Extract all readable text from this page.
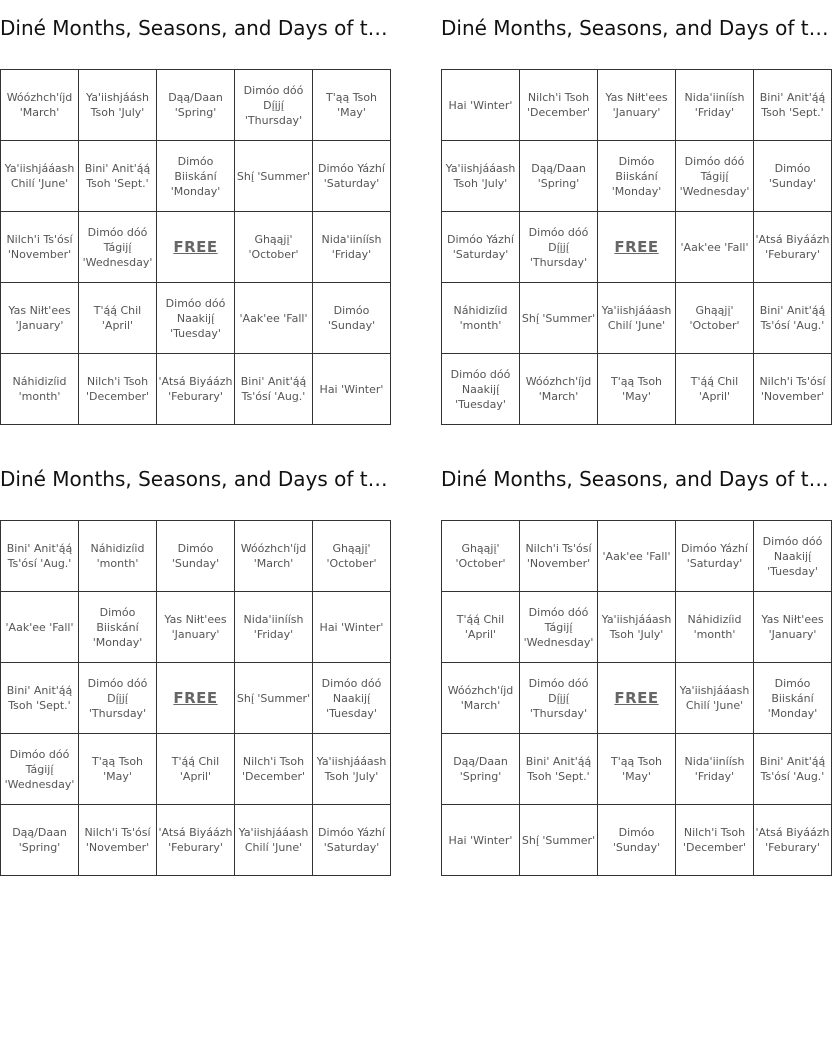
Diné Months, Seasons, and Days of t…
Wóózhch'íjd 'March'	Ya'iishjáásh Tsoh 'July'	Dąą/Daan 'Spring'	Dimóo dóó Dį́įjį́ 'Thursday'	T'ąą Tsoh 'May'
Ya'iishjááash Chilí 'June'	Bini' Anit'ą́ą́ Tsoh 'Sept.'	Dimóo Biiskání 'Monday'	Shį́ 'Summer'	Dimóo Yázhí 'Saturday'
Nilch'i Ts'ósí 'November'	Dimóo dóó Tágijį́ 'Wednesday'	FREE	Ghąąjį' 'October'	Nida'iiníísh 'Friday'
Yas Niłt'ees 'January'	T'ą́ą́ Chil 'April'	Dimóo dóó Naakijį́ 'Tuesday'	'Aak'ee 'Fall'	Dimóo 'Sunday'
Náhidizíid 'month'	Nilch'i Tsoh 'December'	'Atsá Biyáázh 'Feburary'	Bini' Anit'ą́ą́ Ts'ósí 'Aug.'	Hai 'Winter'
Diné Months, Seasons, and Days of t…
Hai 'Winter'	Nilch'i Tsoh 'December'	Yas Niłt'ees 'January'	Nida'iiníísh 'Friday'	Bini' Anit'ą́ą́ Tsoh 'Sept.'
Ya'iishjááash Tsoh 'July'	Dąą/Daan 'Spring'	Dimóo Biiskání 'Monday'	Dimóo dóó Tágijį́ 'Wednesday'	Dimóo 'Sunday'
Dimóo Yázhí 'Saturday'	Dimóo dóó Dį́įjį́ 'Thursday'	FREE	'Aak'ee 'Fall'	'Atsá Biyáázh 'Feburary'
Náhidizíid 'month'	Shį́ 'Summer'	Ya'iishjááash Chilí 'June'	Ghąąjį' 'October'	Bini' Anit'ą́ą́ Ts'ósí 'Aug.'
Dimóo dóó Naakijį́ 'Tuesday'	Wóózhch'íjd 'March'	T'ąą Tsoh 'May'	T'ą́ą́ Chil 'April'	Nilch'i Ts'ósí 'November'
Diné Months, Seasons, and Days of t…
Bini' Anit'ą́ą́ Ts'ósí 'Aug.'	Náhidizíid 'month'	Dimóo 'Sunday'	Wóózhch'íjd 'March'	Ghąąjį' 'October'
'Aak'ee 'Fall'	Dimóo Biiskání 'Monday'	Yas Niłt'ees 'January'	Nida'iiníísh 'Friday'	Hai 'Winter'
Bini' Anit'ą́ą́ Tsoh 'Sept.'	Dimóo dóó Dį́įjį́ 'Thursday'	FREE	Shį́ 'Summer'	Dimóo dóó Naakijį́ 'Tuesday'
Dimóo dóó Tágijį́ 'Wednesday'	T'ąą Tsoh 'May'	T'ą́ą́ Chil 'April'	Nilch'i Tsoh 'December'	Ya'iishjááash Tsoh 'July'
Dąą/Daan 'Spring'	Nilch'i Ts'ósí 'November'	'Atsá Biyáázh 'Feburary'	Ya'iishjááash Chilí 'June'	Dimóo Yázhí 'Saturday'
Diné Months, Seasons, and Days of t…
Ghąąjį' 'October'	Nilch'i Ts'ósí 'November'	'Aak'ee 'Fall'	Dimóo Yázhí 'Saturday'	Dimóo dóó Naakijį́ 'Tuesday'
T'ą́ą́ Chil 'April'	Dimóo dóó Tágijį́ 'Wednesday'	Ya'iishjááash Tsoh 'July'	Náhidizíid 'month'	Yas Niłt'ees 'January'
Wóózhch'íjd 'March'	Dimóo dóó Dį́įjį́ 'Thursday'	FREE	Ya'iishjááash Chilí 'June'	Dimóo Biiskání 'Monday'
Dąą/Daan 'Spring'	Bini' Anit'ą́ą́ Tsoh 'Sept.'	T'ąą Tsoh 'May'	Nida'iiníísh 'Friday'	Bini' Anit'ą́ą́ Ts'ósí 'Aug.'
Hai 'Winter'	Shį́ 'Summer'	Dimóo 'Sunday'	Nilch'i Tsoh 'December'	'Atsá Biyáázh 'Feburary'
